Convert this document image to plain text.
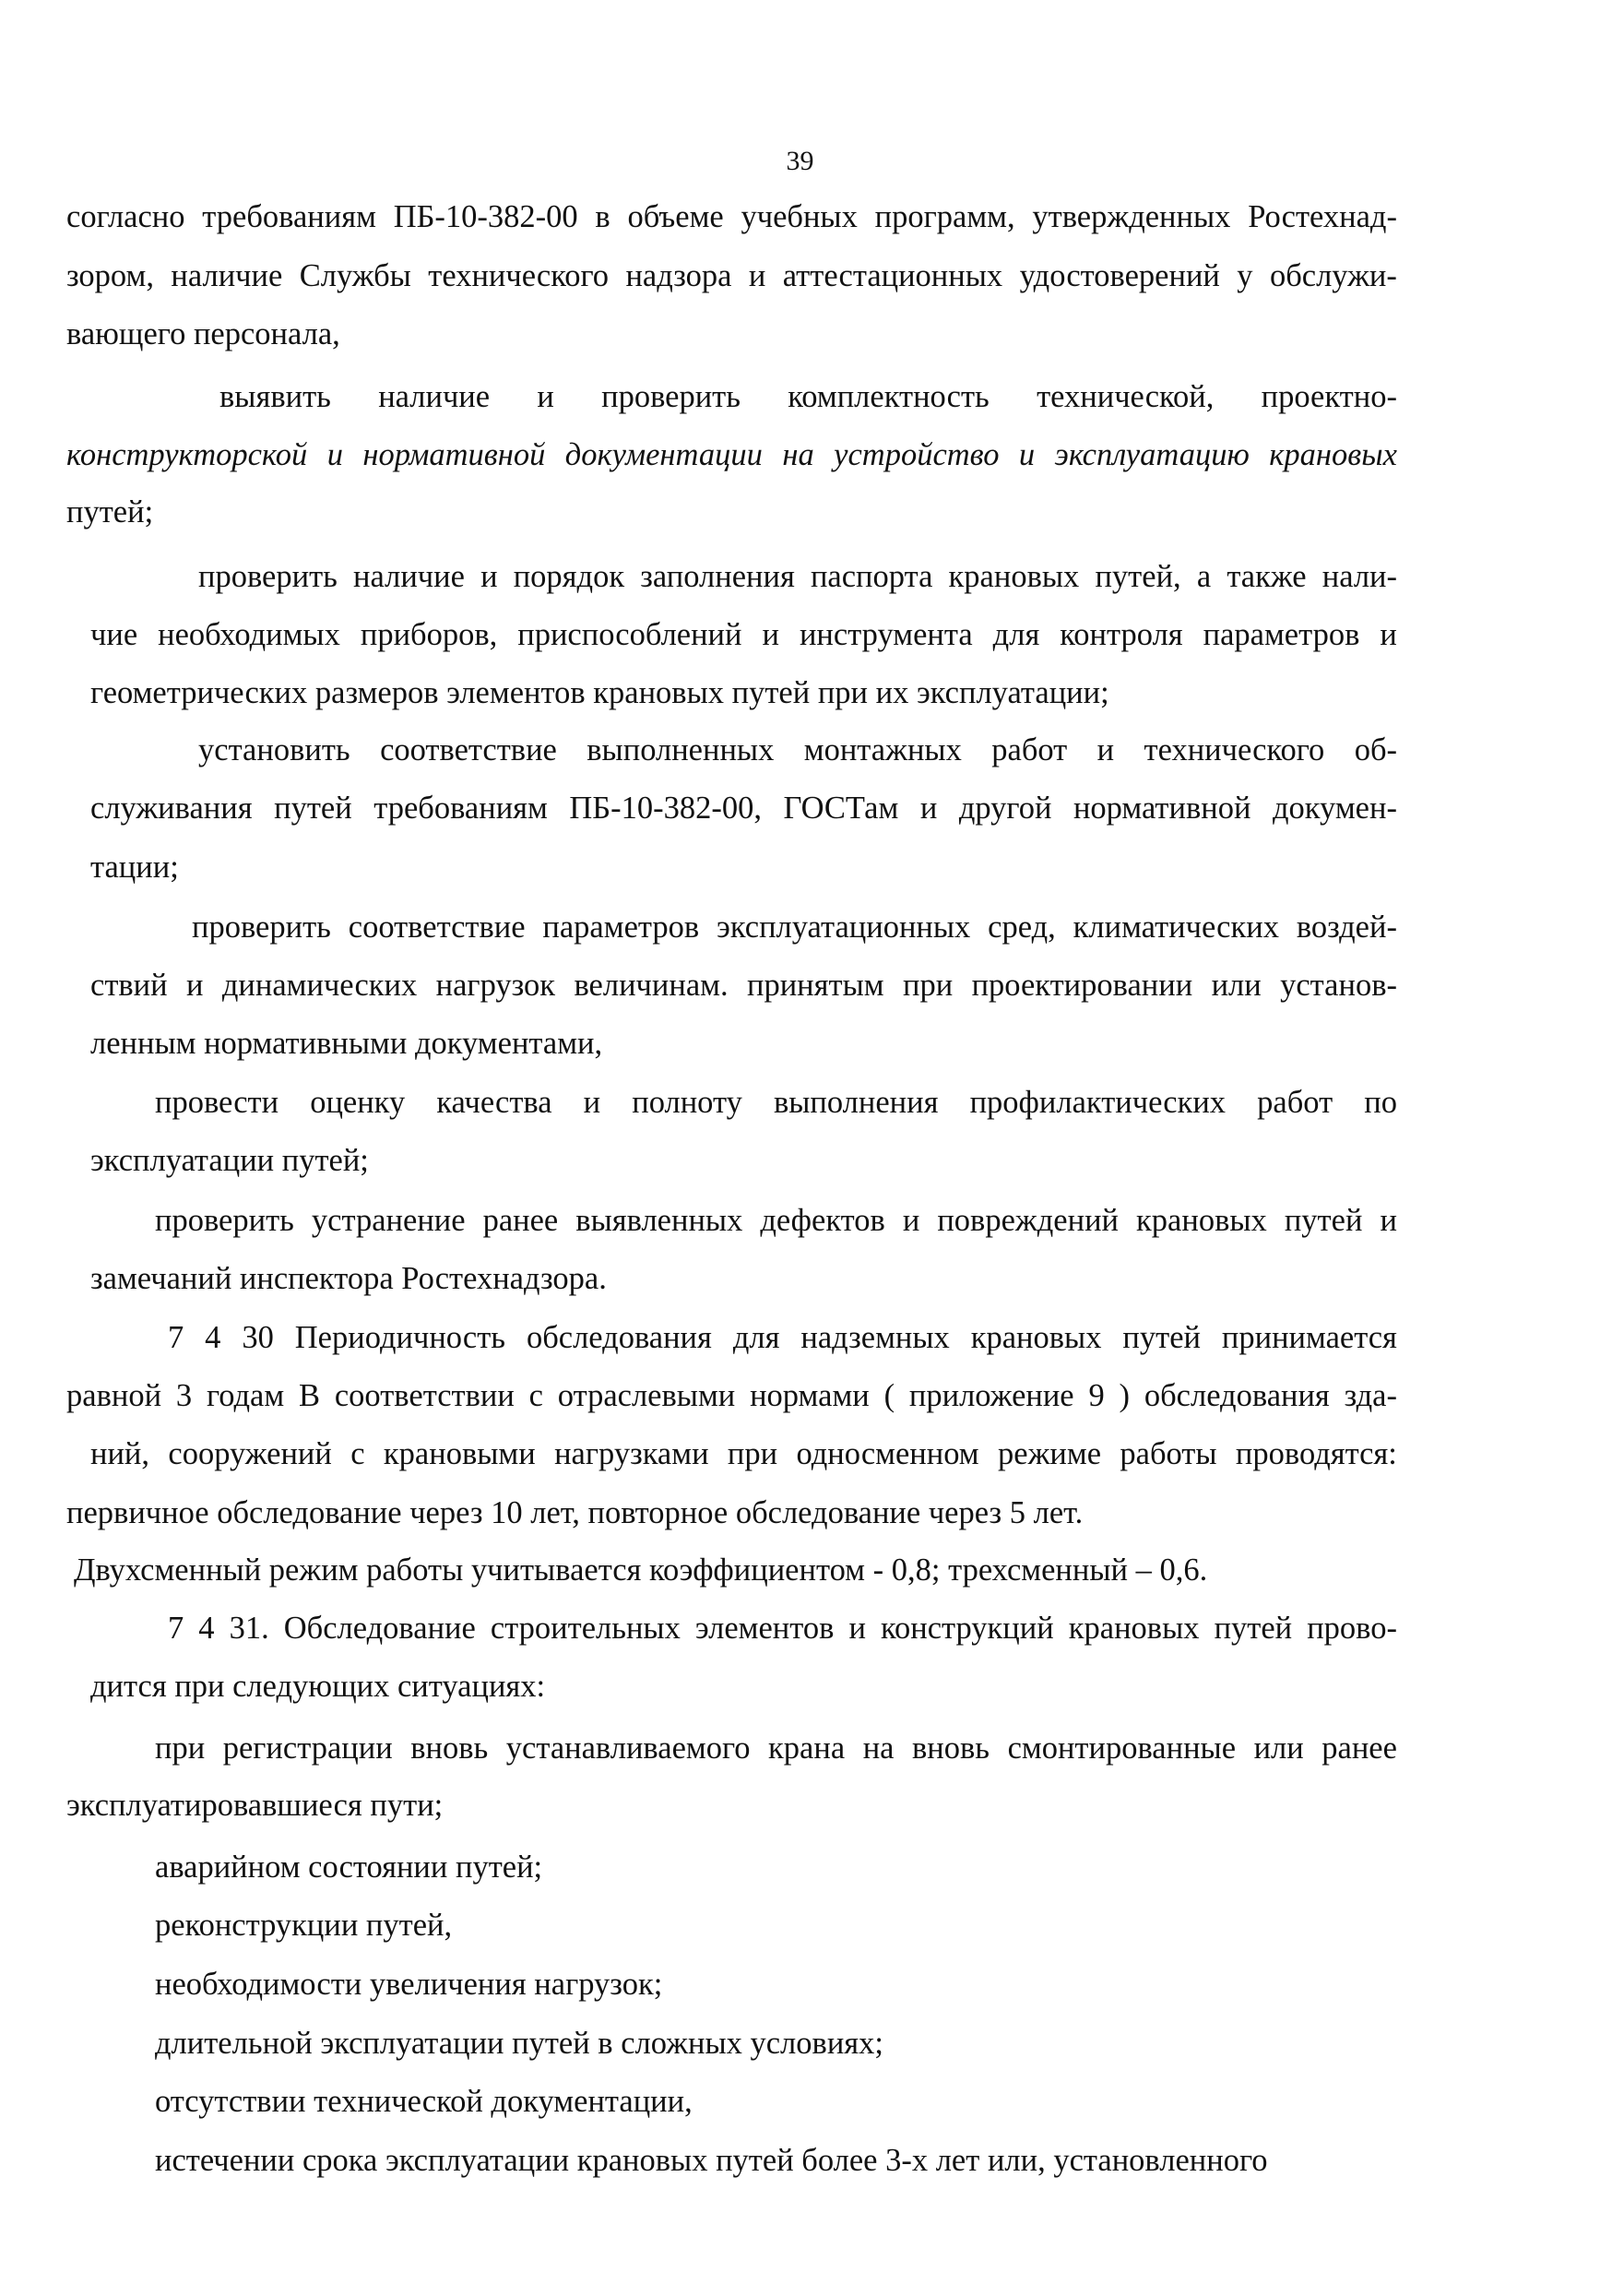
39
согласно требованиям ПБ-10-382-00 в объеме учебных программ, утвержденных Ростехнад-
зором, наличие Службы технического надзора и аттестационных удостоверений у обслужи-
вающего персонала,
выявить наличие и проверить комплектность технической, проектно-
конструкторской и нормативной документации на устройство и эксплуатацию крановых
путей;
проверить наличие и порядок заполнения паспорта крановых путей, а также нали-
чие необходимых приборов, приспособлений и инструмента для контроля параметров и
геометрических размеров элементов крановых путей при их эксплуатации;
установить соответствие выполненных монтажных работ и технического об-
служивания путей требованиям ПБ-10-382-00, ГОСТам и другой нормативной докумен-
тации;
проверить соответствие параметров эксплуатационных сред, климатических воздей-
ствий и динамических нагрузок величинам. принятым при проектировании или установ-
ленным нормативными документами,
провести оценку качества и полноту выполнения профилактических работ по
эксплуатации путей;
проверить устранение ранее выявленных дефектов и повреждений крановых путей и
замечаний инспектора Ростехнадзора.
7 4 30 Периодичность обследования для надземных крановых путей принимается
равной 3 годам В соответствии с отраслевыми нормами ( приложение 9 ) обследования зда-
ний, сооружений с крановыми нагрузками при односменном режиме работы проводятся:
первичное обследование через 10 лет, повторное обследование через 5 лет.
Двухсменный режим работы учитывается коэффициентом - 0,8; трехсменный – 0,6.
7 4 31. Обследование строительных элементов и конструкций крановых путей прово-
дится при следующих ситуациях:
при регистрации вновь устанавливаемого крана на вновь смонтированные или ранее
эксплуатировавшиеся пути;
аварийном состоянии путей;
реконструкции путей,
необходимости увеличения нагрузок;
длительной эксплуатации путей в сложных условиях;
отсутствии технической документации,
истечении срока эксплуатации крановых путей более 3-х лет или, установленного
